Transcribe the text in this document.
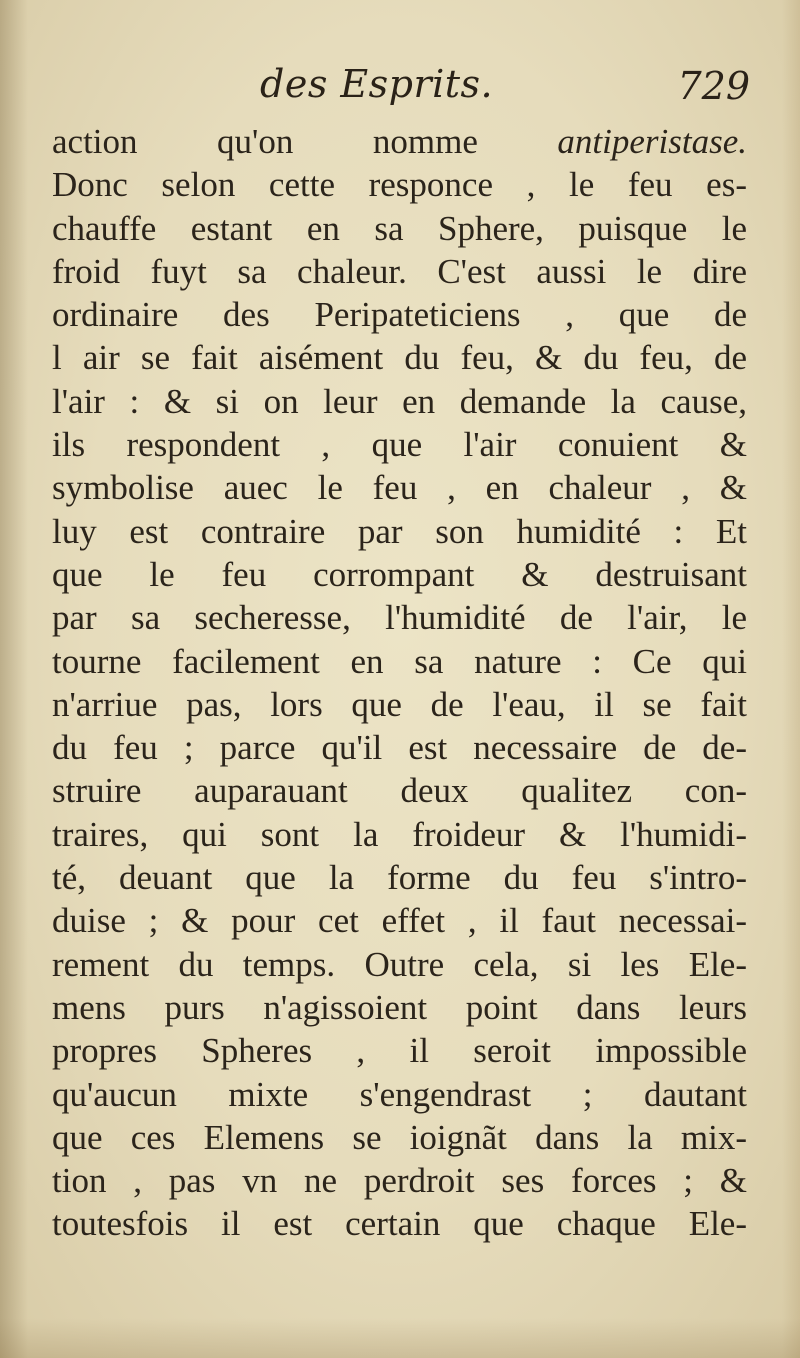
des Esprits.	729
action qu'on nomme antiperistase.
Donc selon cette responce , le feu es-
chauffe estant en sa Sphere, puisque le
froid fuyt sa chaleur. C'est aussi le dire
ordinaire des Peripateticiens , que de
l air se fait aisément du feu, & du feu, de
l'air : & si on leur en demande la cause,
ils respondent , que l'air conuient &
symbolise auec le feu , en chaleur , &
luy est contraire par son humidité : Et
que le feu corrompant & destruisant
par sa secheresse, l'humidité de l'air, le
tourne facilement en sa nature : Ce qui
n'arriue pas, lors que de l'eau, il se fait
du feu ; parce qu'il est necessaire de de-
struire auparauant deux qualitez con-
traires, qui sont la froideur & l'humidi-
té, deuant que la forme du feu s'intro-
duise ; & pour cet effet , il faut necessai-
rement du temps. Outre cela, si les Ele-
mens purs n'agissoient point dans leurs
propres Spheres , il seroit impossible
qu'aucun mixte s'engendrast ; dautant
que ces Elemens se ioignãt dans la mix-
tion , pas vn ne perdroit ses forces ; &
toutesfois il est certain que chaque Ele-
